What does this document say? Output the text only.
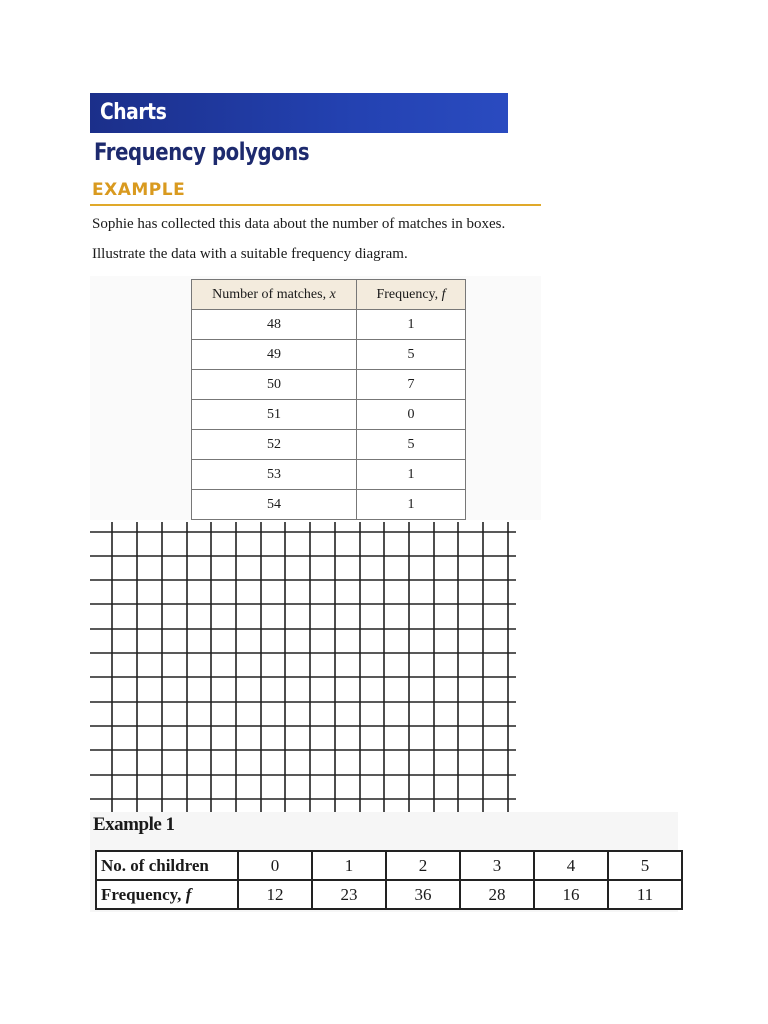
Charts
Frequency polygons
EXAMPLE
Sophie has collected this data about the number of matches in boxes.
Illustrate the data with a suitable frequency diagram.
Number of matches, x	Frequency, f
48	1
49	5
50	7
51	0
52	5
53	1
54	1
Example 1
No. of children	0	1	2	3	4	5
Frequency, f	12	23	36	28	16	11
